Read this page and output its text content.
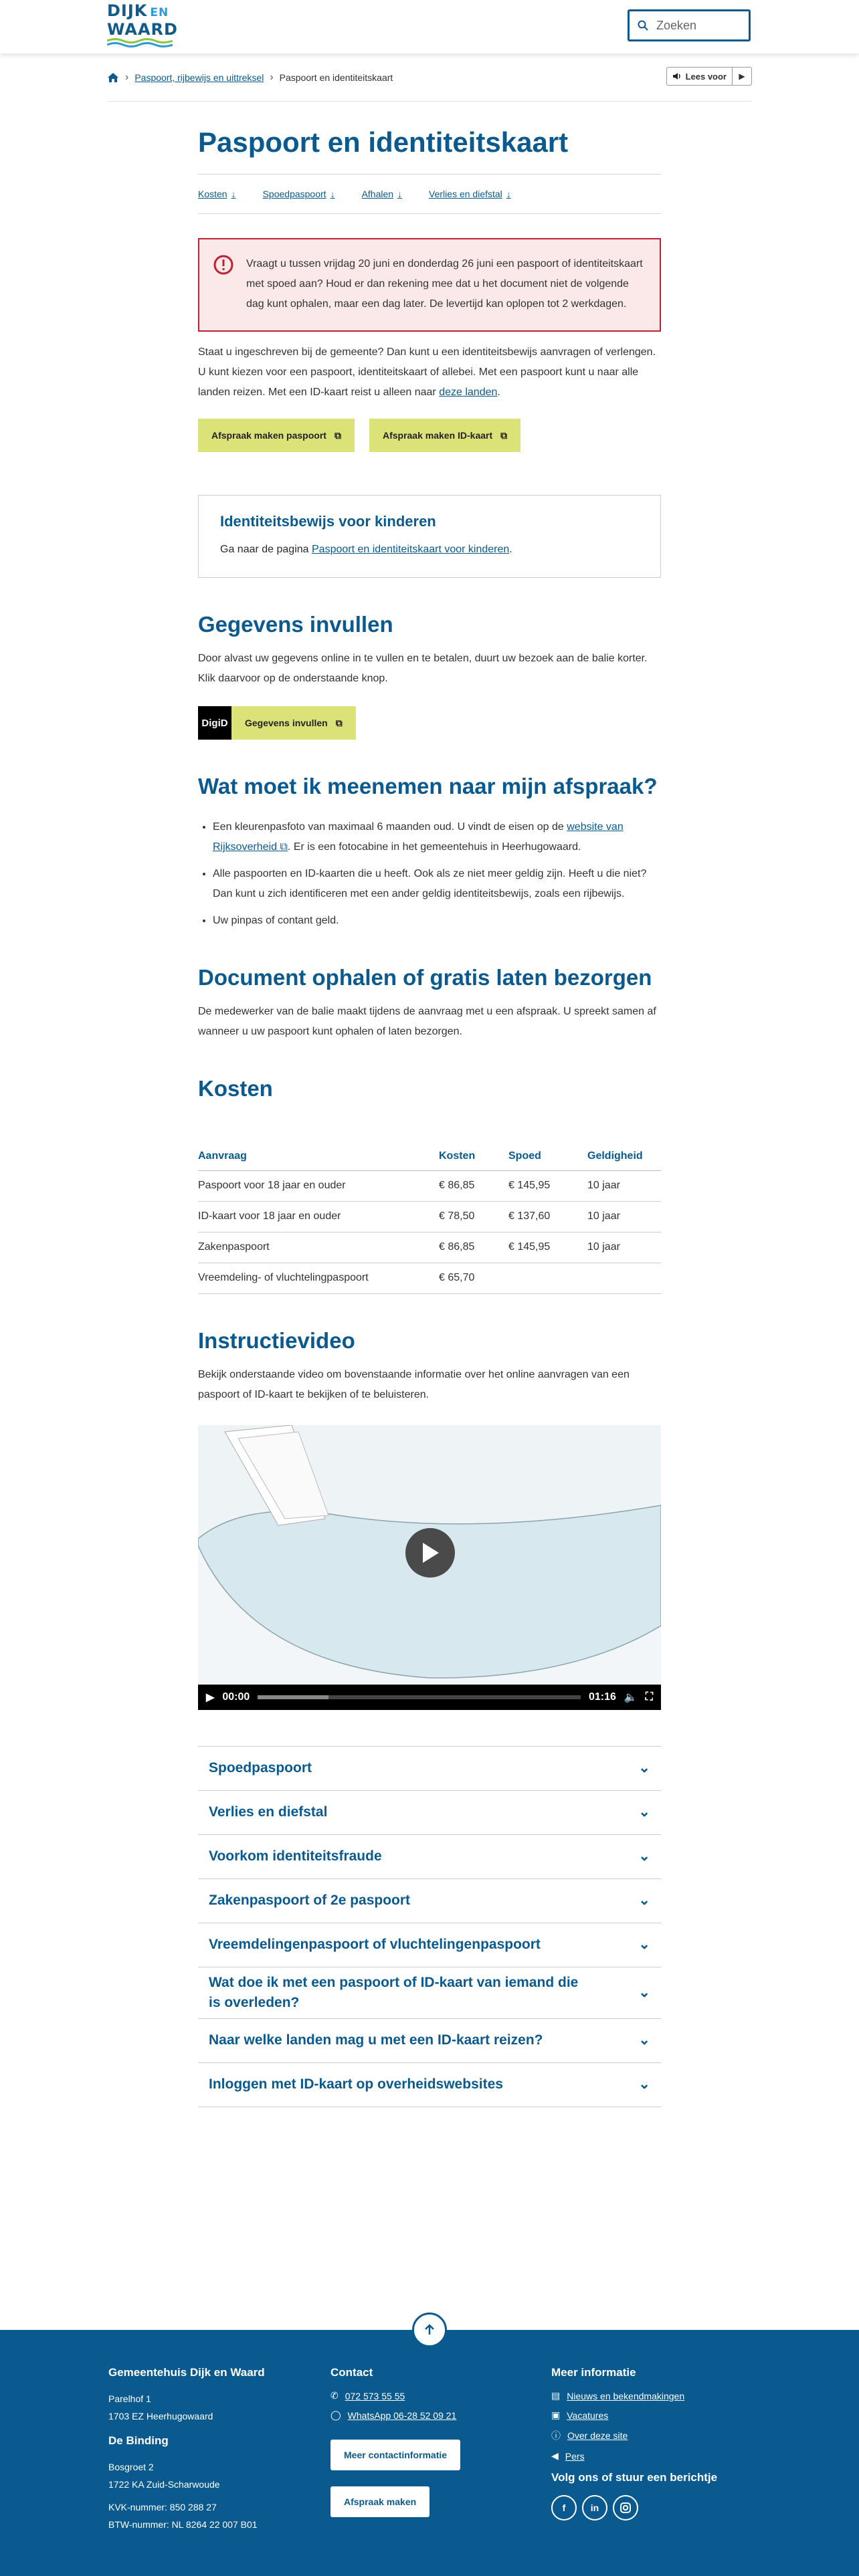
DIJK EN
WAARD	Zoeken
› Paspoort, rijbewijs en uittreksel › Paspoort en identiteitskaart	Lees voor	▶
Paspoort en identiteitskaart
Kosten ↓	Spoedpaspoort ↓	Afhalen ↓	Verlies en diefstal ↓
Vraagt u tussen vrijdag 20 juni en donderdag 26 juni een paspoort of identiteitskaart met spoed aan? Houd er dan rekening mee dat u het document niet de volgende dag kunt ophalen, maar een dag later. De levertijd kan oplopen tot 2 werkdagen.

Staat u ingeschreven bij de gemeente? Dan kunt u een identiteitsbewijs aanvragen of verlengen. U kunt kiezen voor een paspoort, identiteitskaart of allebei. Met een paspoort kunt u naar alle landen reizen. Met een ID-kaart reist u alleen naar deze landen.

Afspraak maken paspoort ⧉	Afspraak maken ID-kaart ⧉
Identiteitsbewijs voor kinderen

Ga naar de pagina Paspoort en identiteitskaart voor kinderen.

Gegevens invullen

Door alvast uw gegevens online in te vullen en te betalen, duurt uw bezoek aan de balie korter. Klik daarvoor op de onderstaande knop.

DigiD	Gegevens invullen ⧉
Wat moet ik meenemen naar mijn afspraak?
• Een kleurenpasfoto van maximaal 6 maanden oud. U vindt de eisen op de website van Rijksoverheid ⧉. Er is een fotocabine in het gemeentehuis in Heerhugowaard.
• Alle paspoorten en ID-kaarten die u heeft. Ook als ze niet meer geldig zijn. Heeft u die niet? Dan kunt u zich identificeren met een ander geldig identiteitsbewijs, zoals een rijbewijs.
• Uw pinpas of contant geld.
Document ophalen of gratis laten bezorgen

De medewerker van de balie maakt tijdens de aanvraag met u een afspraak. U spreekt samen af wanneer u uw paspoort kunt ophalen of laten bezorgen.

Kosten
Aanvraag	Kosten	Spoed	Geldigheid
Paspoort voor 18 jaar en ouder	€ 86,85	€ 145,95	10 jaar
ID-kaart voor 18 jaar en ouder	€ 78,50	€ 137,60	10 jaar
Zakenpaspoort	€ 86,85	€ 145,95	10 jaar
Vreemdeling- of vluchtelingpaspoort	€ 65,70		
Instructievideo

Bekijk onderstaande video om bovenstaande informatie over het online aanvragen van een paspoort of ID-kaart te bekijken of te beluisteren.

▶ 00:00	01:16 🔈 ⛶
Spoedpaspoort	⌄
Verlies en diefstal	⌄
Voorkom identiteitsfraude	⌄
Zakenpaspoort of 2e paspoort	⌄
Vreemdelingenpaspoort of vluchtelingenpaspoort	⌄
Wat doe ik met een paspoort of ID-kaart van iemand die is overleden?
⌄
Naar welke landen mag u met een ID-kaart reizen?	⌄
Inloggen met ID-kaart op overheidswebsites	⌄
Gemeentehuis Dijk en Waard

Parelhof 1

1703 EZ Heerhugowaard

De Binding

Bosgroet 2

1722 KA Zuid-Scharwoude

KVK-nummer: 850 288 27

BTW-nummer: NL 8264 22 007 B01

Contact
✆ 072 573 55 55
◯ WhatsApp 06-28 52 09 21
Meer contactinformatie
Afspraak maken
Meer informatie
▤ Nieuws en bekendmakingen
▣ Vacatures
ⓘ Over deze site
◀ Pers
Volg ons of stuur een berichtje
f	in
